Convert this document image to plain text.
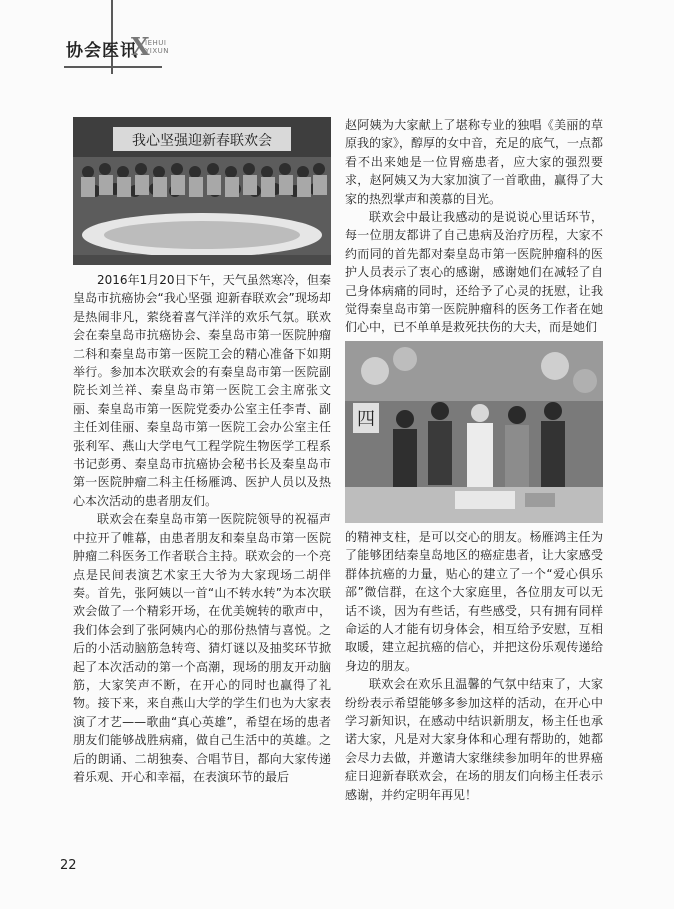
协会医讯
X
IEHUI
YIXUN
我心坚强迎新春联欢会
四

2016年1月20日下午，天气虽然寒冷，但秦皇岛市抗癌协会“我心坚强 迎新春联欢会”现场却是热闹非凡，萦绕着喜气洋洋的欢乐气氛。联欢会在秦皇岛市抗癌协会、秦皇岛市第一医院肿瘤二科和秦皇岛市第一医院工会的精心准备下如期举行。参加本次联欢会的有秦皇岛市第一医院副院长刘兰祥、秦皇岛市第一医院工会主席张文丽、秦皇岛市第一医院党委办公室主任李青、副主任刘佳丽、秦皇岛市第一医院工会办公室主任张利军、燕山大学电气工程学院生物医学工程系书记彭勇、秦皇岛市抗癌协会秘书长及秦皇岛市第一医院肿瘤二科主任杨雁鸿、医护人员以及热心本次活动的患者朋友们。

联欢会在秦皇岛市第一医院院领导的祝福声中拉开了帷幕，由患者朋友和秦皇岛市第一医院肿瘤二科医务工作者联合主持。联欢会的一个亮点是民间表演艺术家王大爷为大家现场二胡伴奏。首先，张阿姨以一首“山不转水转”为本次联欢会做了一个精彩开场，在优美婉转的歌声中，我们体会到了张阿姨内心的那份热情与喜悦。之后的小活动脑筋急转弯、猜灯谜以及抽奖环节掀起了本次活动的第一个高潮，现场的朋友开动脑筋，大家笑声不断，在开心的同时也赢得了礼物。接下来，来自燕山大学的学生们也为大家表演了才艺——歌曲“真心英雄”，希望在场的患者朋友们能够战胜病痛，做自己生活中的英雄。之后的朗诵、二胡独奏、合唱节目，都向大家传递着乐观、开心和幸福，在表演环节的最后

赵阿姨为大家献上了堪称专业的独唱《美丽的草原我的家》，醇厚的女中音，充足的底气，一点都看不出来她是一位胃癌患者，应大家的强烈要求，赵阿姨又为大家加演了一首歌曲，赢得了大家的热烈掌声和羡慕的目光。

联欢会中最让我感动的是说说心里话环节，每一位朋友都讲了自己患病及治疗历程，大家不约而同的首先都对秦皇岛市第一医院肿瘤科的医护人员表示了衷心的感谢，感谢她们在减轻了自己身体病痛的同时，还给予了心灵的抚慰，让我觉得秦皇岛市第一医院肿瘤科的医务工作者在她们心中，已不单单是救死扶伤的大夫，而是她们

的精神支柱，是可以交心的朋友。杨雁鸿主任为了能够团结秦皇岛地区的癌症患者，让大家感受群体抗癌的力量，贴心的建立了一个“爱心俱乐部”微信群，在这个大家庭里，各位朋友可以无话不谈，因为有些话，有些感受，只有拥有同样命运的人才能有切身体会，相互给予安慰，互相取暖，建立起抗癌的信心，并把这份乐观传递给身边的朋友。

联欢会在欢乐且温馨的气氛中结束了，大家纷纷表示希望能够多参加这样的活动，在开心中学习新知识，在感动中结识新朋友，杨主任也承诺大家，凡是对大家身体和心理有帮助的，她都会尽力去做，并邀请大家继续参加明年的世界癌症日迎新春联欢会，在场的朋友们向杨主任表示感谢，并约定明年再见！

22
